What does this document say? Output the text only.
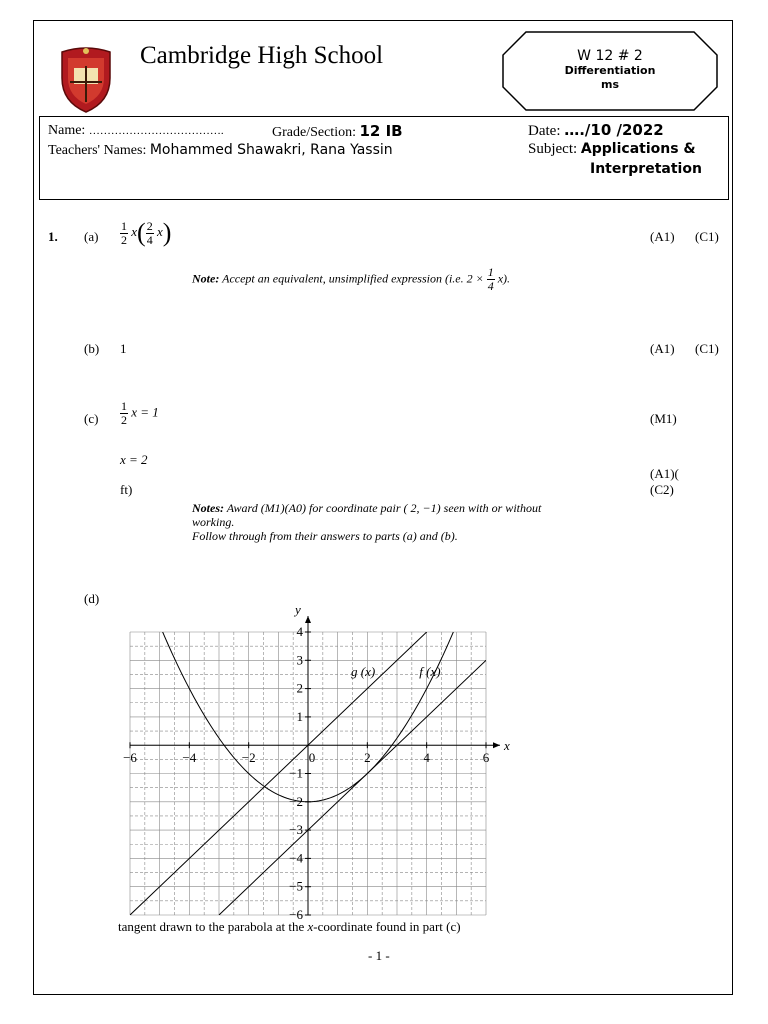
Cambridge High School	W 12 # 2
Differentiation
ms
Name: ……………………………….	Grade/Section: 12 IB	Date: …./10 /2022
Teachers' Names: Mohammed Shawakri, Rana Yassin	Subject: Applications &
Interpretation
1. $(a) \frac{1}{2} x( \frac{2}{4} x)$	(A1) (C1)
Note: Accept an equivalent, unsimplified expression (i.e. $2 \times \frac{1}{4} x$).
(b) 1	(A1) (C1)
$(c) \frac{1}{2}$ x = 1	(M1)
x = 2
(A1)(
ft)	(C2)
Notes: Award (M1)(A0) for coordinate pair ( 2, −1) seen with or without
working.
Follow through from their answers to parts (a) and (b).
(d)
x
y
−6	−4	−2	0	2	4	6
4
3
2
1
−1
−2
−3
−4
−5
−6
g (x)	f (x)
tangent drawn to the parabola at the x-coordinate found in part (c)
- 1 -
